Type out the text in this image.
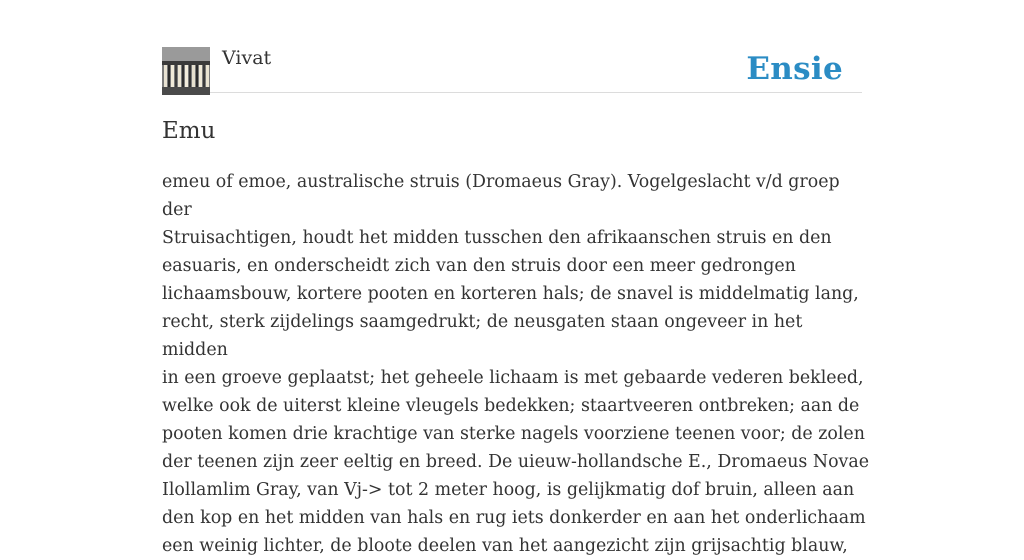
Vivat	Ensie
Emu

emeu of emoe, australische struis (Dromaeus Gray). Vogelgeslacht v/d groep der
Struisachtigen, houdt het midden tusschen den afrikaanschen struis en den
easuaris, en onderscheidt zich van den struis door een meer gedrongen
lichaamsbouw, kortere pooten en korteren hals; de snavel is middelmatig lang,
recht, sterk zijdelings saamgedrukt; de neusgaten staan ongeveer in het midden
in een groeve geplaatst; het geheele lichaam is met gebaarde vederen bekleed,
welke ook de uiterst kleine vleugels bedekken; staartveeren ontbreken; aan de
pooten komen drie krachtige van sterke nagels voorziene teenen voor; de zolen
der teenen zijn zeer eeltig en breed. De uieuw-hollandsche E., Dromaeus Novae
Ilollamlim Gray, van Vj-> tot 2 meter hoog, is gelijkmatig dof bruin, alleen aan
den kop en het midden van hals en rug iets donkerder en aan het onderlichaam
een weinig lichter, de bloote deelen van het aangezicht zijn grijsachtig blauw,
